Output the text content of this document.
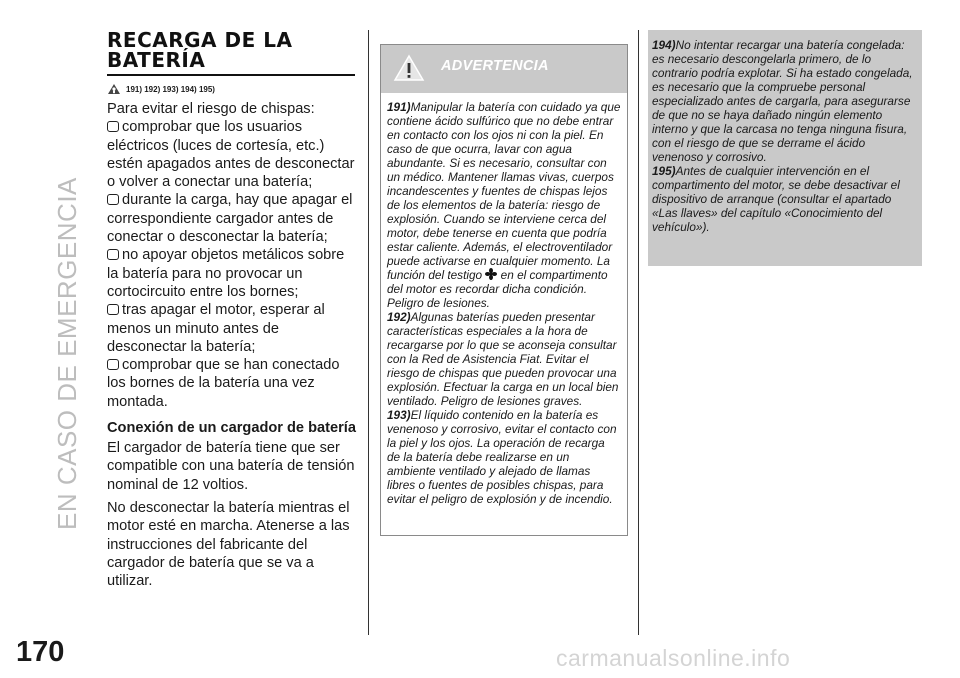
EN CASO DE EMERGENCIA
170
RECARGA DE LA
BATERÍA
191) 192) 193) 194) 195)

Para evitar el riesgo de chispas:

comprobar que los usuarios eléctricos (luces de cortesía, etc.) estén apagados antes de desconectar o volver a conectar una batería;
durante la carga, hay que apagar el correspondiente cargador antes de conectar o desconectar la batería;
no apoyar objetos metálicos sobre la batería para no provocar un cortocircuito entre los bornes;
tras apagar el motor, esperar al menos un minuto antes de desconectar la batería;
comprobar que se han conectado los bornes de la batería una vez montada.
Conexión de un cargador de batería

El cargador de batería tiene que ser compatible con una batería de tensión nominal de 12 voltios.

No desconectar la batería mientras el motor esté en marcha. Atenerse a las instrucciones del fabricante del cargador de batería que se va a utilizar.

ADVERTENCIA
191)Manipular la batería con cuidado ya que contiene ácido sulfúrico que no debe entrar en contacto con los ojos ni con la piel. En caso de que ocurra, lavar con agua abundante. Si es necesario, consultar con un médico. Mantener llamas vivas, cuerpos incandescentes y fuentes de chispas lejos de los elementos de la batería: riesgo de explosión. Cuando se interviene cerca del motor, debe tenerse en cuenta que podría estar caliente. Además, el electroventilador puede activarse en cualquier momento. La función del testigo en el compartimento del motor es recordar dicha condición. Peligro de lesiones.
192)Algunas baterías pueden presentar características especiales a la hora de recargarse por lo que se aconseja consultar con la Red de Asistencia Fiat. Evitar el riesgo de chispas que pueden provocar una explosión. Efectuar la carga en un local bien ventilado. Peligro de lesiones graves.
193)El líquido contenido en la batería es venenoso y corrosivo, evitar el contacto con la piel y los ojos. La operación de recarga de la batería debe realizarse en un ambiente ventilado y alejado de llamas libres o fuentes de posibles chispas, para evitar el peligro de explosión y de incendio.
194)No intentar recargar una batería congelada: es necesario descongelarla primero, de lo contrario podría explotar. Si ha estado congelada, es necesario que la compruebe personal especializado antes de cargarla, para asegurarse de que no se haya dañado ningún elemento interno y que la carcasa no tenga ninguna fisura, con el riesgo de que se derrame el ácido venenoso y corrosivo.
195)Antes de cualquier intervención en el compartimento del motor, se debe desactivar el dispositivo de arranque (consultar el apartado «Las llaves» del capítulo «Conocimiento del vehículo»).
carmanualsonline.info
